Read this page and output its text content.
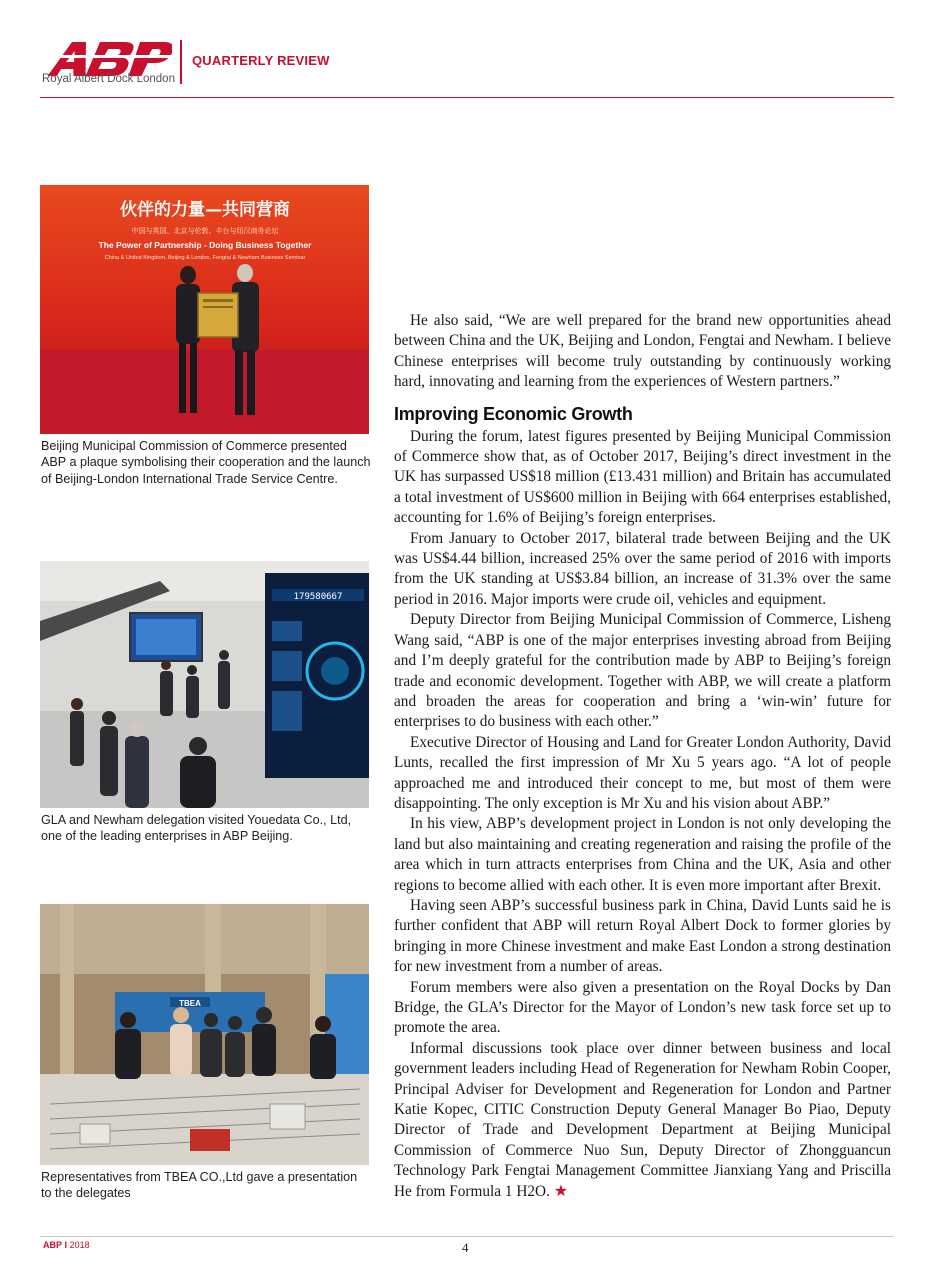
Royal Albert Dock London
QUARTERLY REVIEW
伙伴的力量—共同营商
中国与英国、北京与伦敦、丰台与纽汉商务论坛
The Power of Partnership - Doing Business Together
China & United Kingdom, Beijing & London, Fengtai & Newham Business Seminar
Beijing Municipal Commission of Commerce presented ABP a plaque symbolising their cooperation and the launch of Beijing-London International Trade Service Centre.
179580667
GLA and Newham delegation visited Youedata Co., Ltd, one of the leading enterprises in ABP Beijing.
TBEA
Representatives from TBEA CO.,Ltd gave a presentation to the delegates

He also said, “We are well prepared for the brand new opportunities ahead between China and the UK, Beijing and London, Fengtai and Newham. I believe Chinese enterprises will become truly outstanding by continuously working hard, innovating and learning from the experiences of Western partners.”

Improving Economic Growth

During the forum, latest figures presented by Beijing Municipal Commission of Commerce show that, as of October 2017, Beijing’s direct investment in the UK has surpassed US$18 million (£13.431 million) and Britain has accumulated a total investment of US$600 million in Beijing with 664 enterprises established, accounting for 1.6% of Beijing’s foreign enterprises.

From January to October 2017, bilateral trade between Beijing and the UK was US$4.44 billion, increased 25% over the same period of 2016 with imports from the UK standing at US$3.84 billion, an increase of 31.3% over the same period in 2016. Major imports were crude oil, vehicles and equipment.

Deputy Director from Beijing Municipal Commission of Commerce, Lisheng Wang said, “ABP is one of the major enterprises investing abroad from Beijing and I’m deeply grateful for the contribution made by ABP to Beijing’s foreign trade and economic development. Together with ABP, we will create a platform and broaden the areas for cooperation and bring a ‘win-win’ future for enterprises to do business with each other.”

Executive Director of Housing and Land for Greater London Authority, David Lunts, recalled the first impression of Mr Xu 5 years ago. “A lot of people approached me and introduced their concept to me, but most of them were disappointing. The only exception is Mr Xu and his vision about ABP.”

In his view, ABP’s development project in London is not only developing the land but also maintaining and creating regeneration and raising the profile of the area which in turn attracts enterprises from China and the UK, Asia and other regions to become allied with each other. It is even more important after Brexit.

Having seen ABP’s successful business park in China, David Lunts said he is further confident that ABP will return Royal Albert Dock to former glories by bringing in more Chinese investment and make East London a strong destination for new investment from a number of areas.

Forum members were also given a presentation on the Royal Docks by Dan Bridge, the GLA’s Director for the Mayor of London’s new task force set up to promote the area.

Informal discussions took place over dinner between business and local government leaders including Head of Regeneration for Newham Robin Cooper, Principal Adviser for Development and Regeneration for London and Partner Katie Kopec, CITIC Construction Deputy General Manager Bo Piao, Deputy Director of Trade and Development Department at Beijing Municipal Commission of Commerce Nuo Sun, Deputy Director of Zhongguancun Technology Park Fengtai Management Committee Jianxiang Yang and Priscilla He from Formula 1 H2O. ★

ABP I 2018	4
